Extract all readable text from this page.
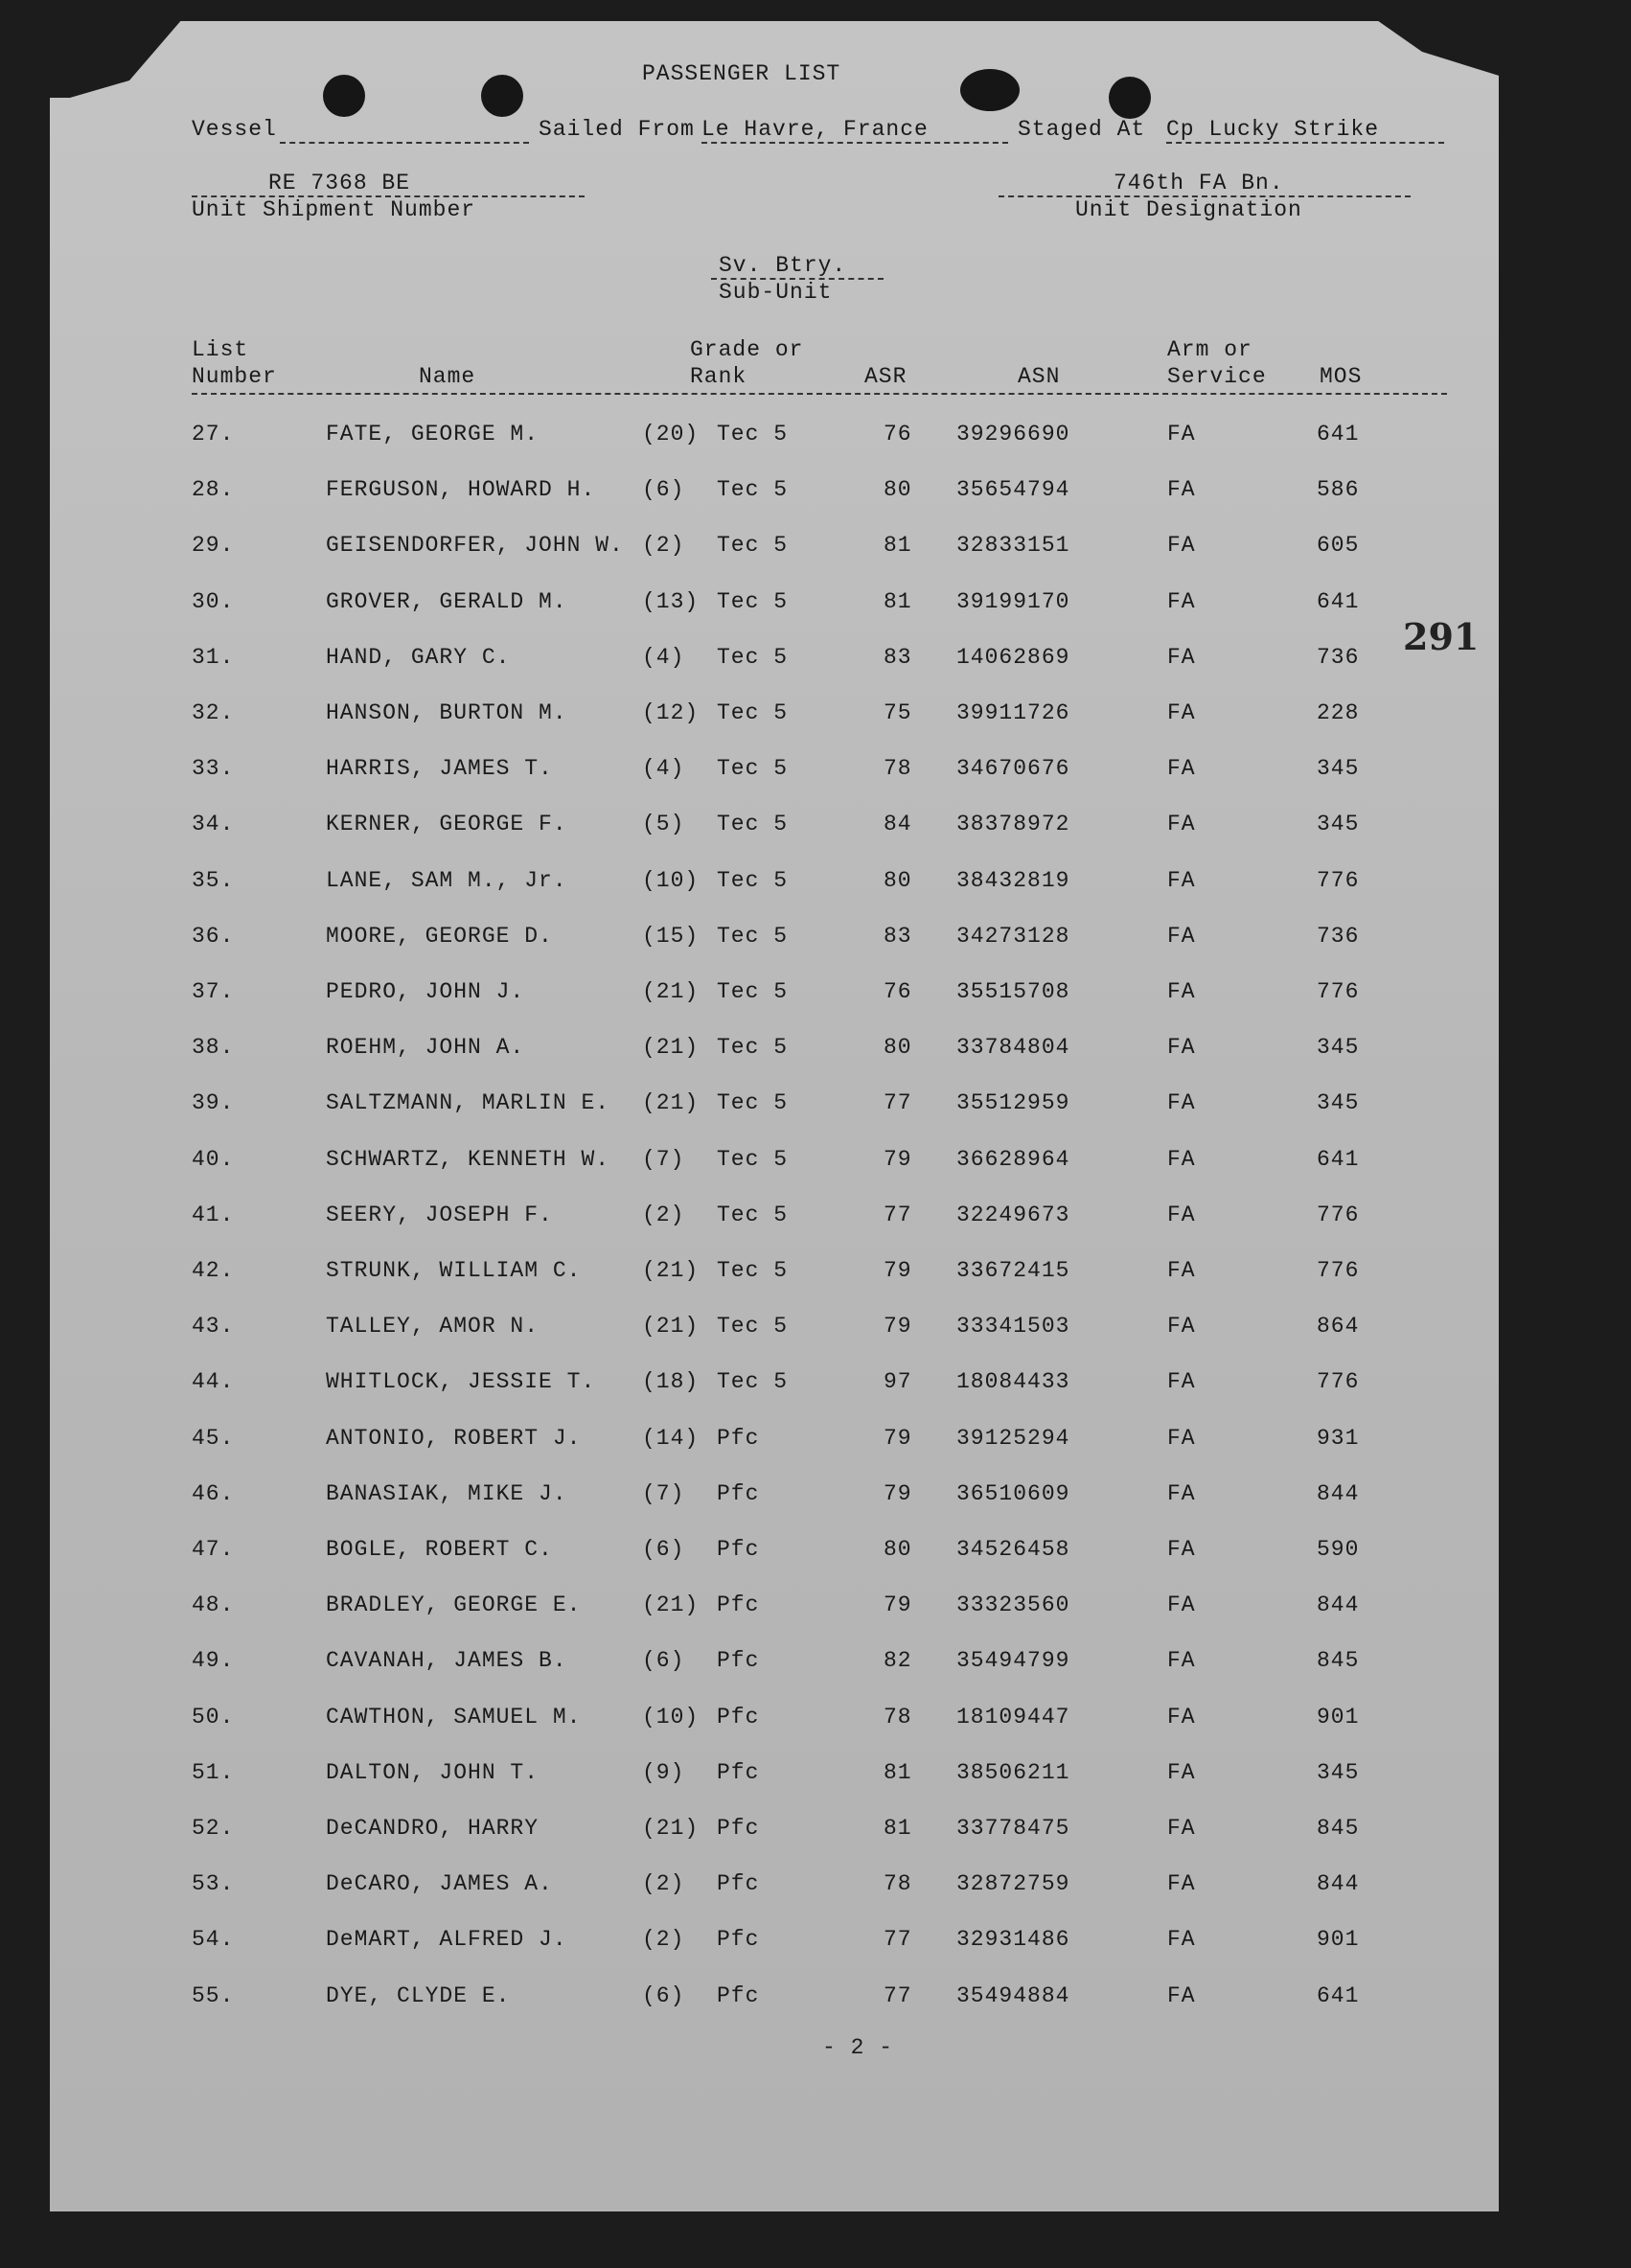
PASSENGER LIST
Vessel	Sailed From Le Havre, France	Staged At Cp Lucky Strike
RE 7368 BE
Unit Shipment Number
746th FA Bn.
Unit Designation
Sv. Btry.
Sub-Unit
List
Number	Name
Grade or
Rank	ASR	ASN
Arm or
Service MOS
27.	FATE, GEORGE M.	(20) Tec 5	76 39296690	FA	641
28.	FERGUSON, HOWARD H. (6) Tec 5	80 35654794	FA	586
29.	GEISENDORFER, JOHN W. (2) Tec 5	81 32833151	FA	605
30.	GROVER, GERALD M.	(13) Tec 5	81 39199170	FA	641
31.	HAND, GARY C.	(4) Tec 5	83 14062869	FA	736
32.	HANSON, BURTON M.	(12) Tec 5	75 39911726	FA	228
33.	HARRIS, JAMES T.	(4) Tec 5	78 34670676	FA	345
34.	KERNER, GEORGE F.	(5) Tec 5	84 38378972	FA	345
35.	LANE, SAM M., Jr.	(10) Tec 5	80 38432819	FA	776
36.	MOORE, GEORGE D.	(15) Tec 5	83 34273128	FA	736
37.	PEDRO, JOHN J.	(21) Tec 5	76 35515708	FA	776
38.	ROEHM, JOHN A.	(21) Tec 5	80 33784804	FA	345
39.	SALTZMANN, MARLIN E. (21) Tec 5	77 35512959	FA	345
40.	SCHWARTZ, KENNETH W. (7) Tec 5	79 36628964	FA	641
41.	SEERY, JOSEPH F.	(2) Tec 5	77 32249673	FA	776
42.	STRUNK, WILLIAM C.	(21) Tec 5	79 33672415	FA	776
43.	TALLEY, AMOR N.	(21) Tec 5	79 33341503	FA	864
44.	WHITLOCK, JESSIE T. (18) Tec 5	97 18084433	FA	776
45.	ANTONIO, ROBERT J.	(14) Pfc	79 39125294	FA	931
46.	BANASIAK, MIKE J.	(7) Pfc	79 36510609	FA	844
47.	BOGLE, ROBERT C.	(6) Pfc	80 34526458	FA	590
48.	BRADLEY, GEORGE E.	(21) Pfc	79 33323560	FA	844
49.	CAVANAH, JAMES B.	(6) Pfc	82 35494799	FA	845
50.	CAWTHON, SAMUEL M.	(10) Pfc	78 18109447	FA	901
51.	DALTON, JOHN T.	(9) Pfc	81 38506211	FA	345
52.	DeCANDRO, HARRY	(21) Pfc	81 33778475	FA	845
53.	DeCARO, JAMES A.	(2) Pfc	78 32872759	FA	844
54.	DeMART, ALFRED J.	(2) Pfc	77 32931486	FA	901
55.	DYE, CLYDE E.	(6) Pfc	77 35494884	FA	641
291
- 2 -
